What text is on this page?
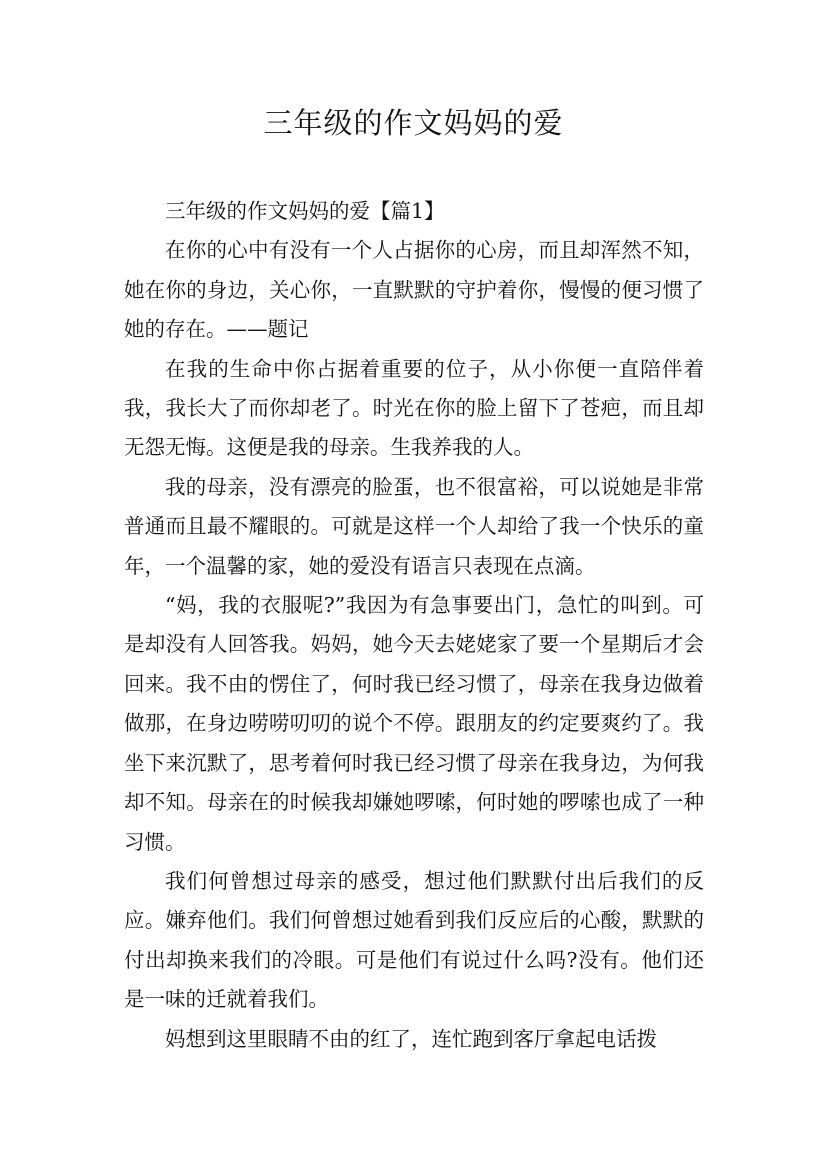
三年级的作文妈妈的爱

三年级的作文妈妈的爱【篇1】

在你的心中有没有一个人占据你的心房，而且却浑然不知，她在你的身边，关心你，一直默默的守护着你，慢慢的便习惯了她的存在。——题记

在我的生命中你占据着重要的位子，从小你便一直陪伴着我，我长大了而你却老了。时光在你的脸上留下了苍疤，而且却无怨无悔。这便是我的母亲。生我养我的人。

我的母亲，没有漂亮的脸蛋，也不很富裕，可以说她是非常普通而且最不耀眼的。可就是这样一个人却给了我一个快乐的童年，一个温馨的家，她的爱没有语言只表现在点滴。

“妈，我的衣服呢?”我因为有急事要出门，急忙的叫到。可是却没有人回答我。妈妈，她今天去姥姥家了要一个星期后才会回来。我不由的愣住了，何时我已经习惯了，母亲在我身边做着做那，在身边唠唠叨叨的说个不停。跟朋友的约定要爽约了。我坐下来沉默了，思考着何时我已经习惯了母亲在我身边，为何我却不知。母亲在的时候我却嫌她啰嗦，何时她的啰嗦也成了一种习惯。

我们何曾想过母亲的感受，想过他们默默付出后我们的反应。嫌弃他们。我们何曾想过她看到我们反应后的心酸，默默的付出却换来我们的冷眼。可是他们有说过什么吗?没有。他们还是一味的迁就着我们。

妈想到这里眼睛不由的红了，连忙跑到客厅拿起电话拨
